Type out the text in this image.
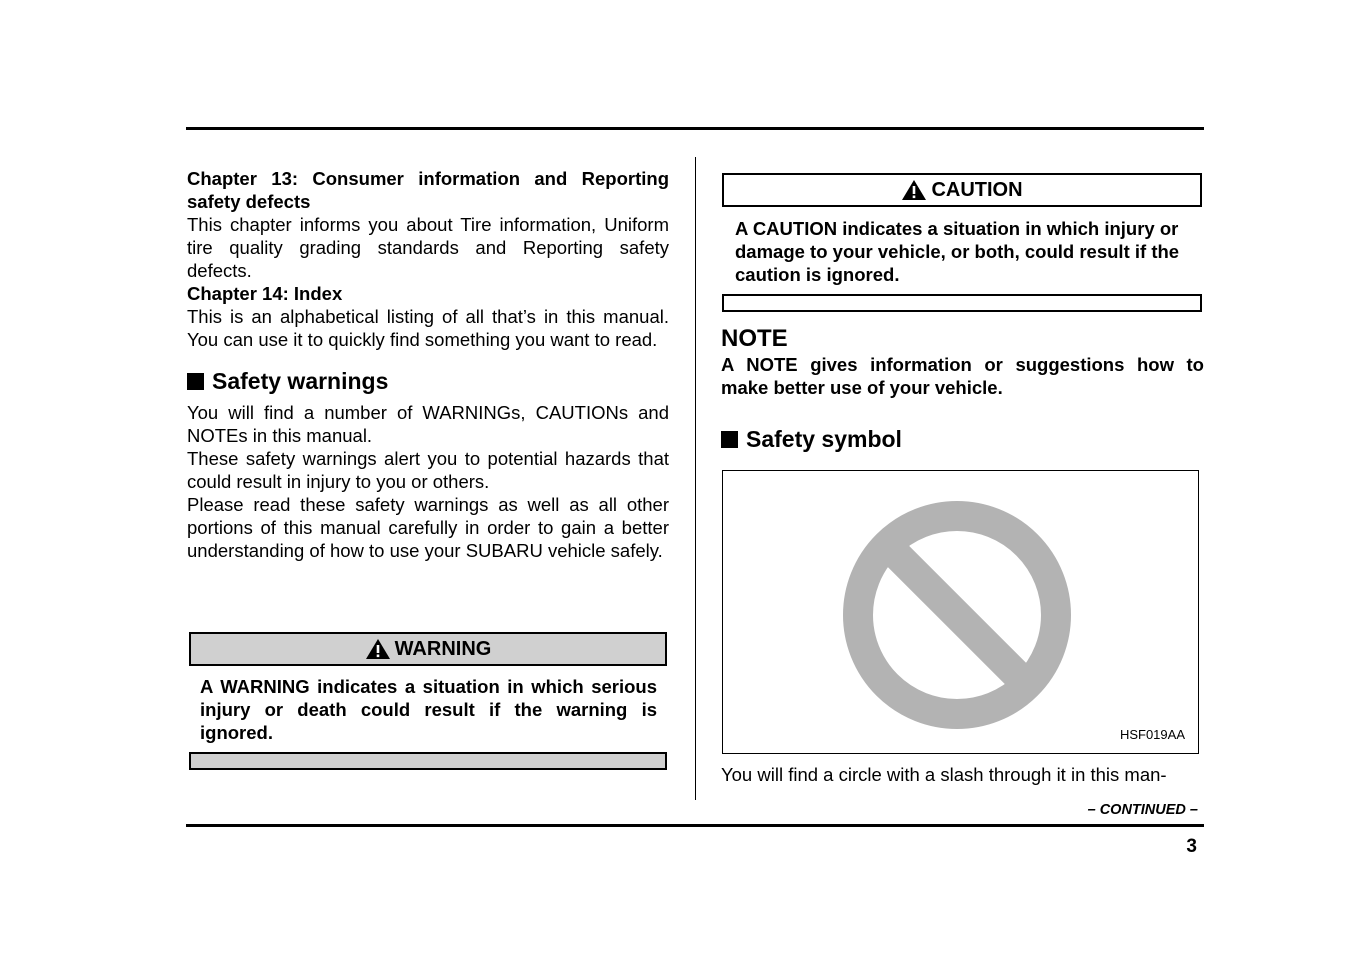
Chapter 13: Consumer information and Reporting safety defects

This chapter informs you about Tire information, Uniform tire quality grading standards and Reporting safety defects.

Chapter 14: Index

This is an alphabetical listing of all that’s in this manual. You can use it to quickly find something you want to read.

Safety warnings

You will find a number of WARNINGs, CAUTIONs and NOTEs in this manual.

These safety warnings alert you to potential hazards that could result in injury to you or others.

Please read these safety warnings as well as all other portions of this manual carefully in order to gain a better understanding of how to use your SUBARU vehicle safely.

WARNING

A WARNING indicates a situation in which serious injury or death could result if the warning is ignored.

CAUTION

A CAUTION indicates a situation in which injury or damage to your vehicle, or both, could result if the caution is ignored.

NOTE

A NOTE gives information or suggestions how to make better use of your vehicle.

Safety symbol
HSF019AA

You will find a circle with a slash through it in this man-

– CONTINUED –
3
